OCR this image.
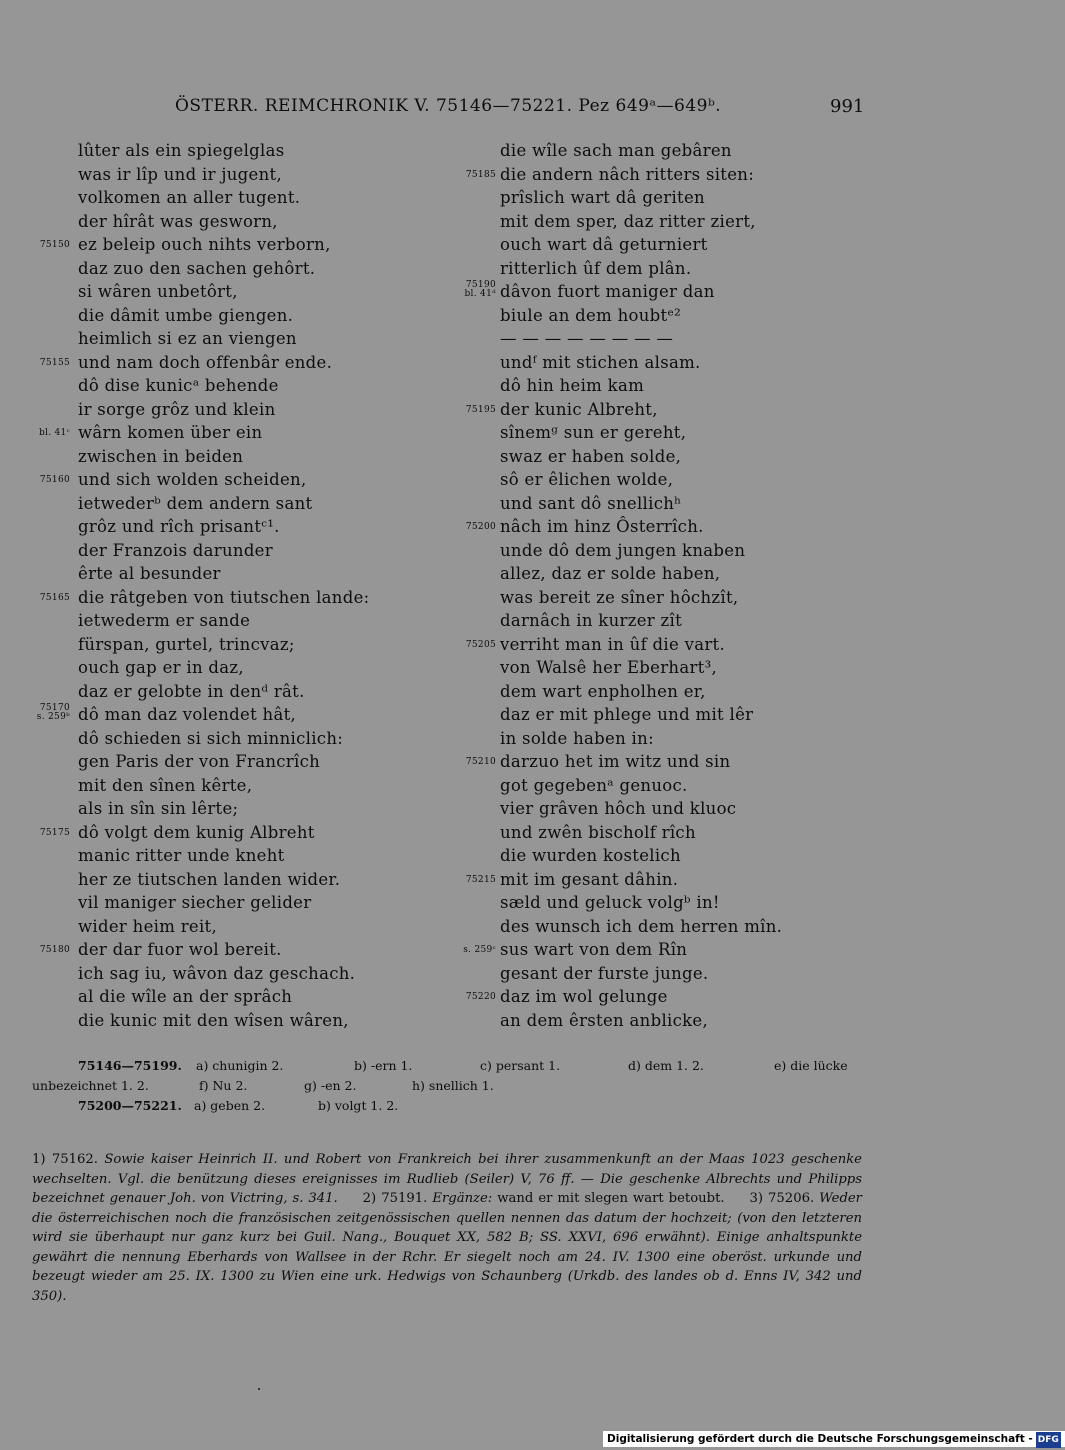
ÖSTERR. REIMCHRONIK V. 75146—75221. Pez 649ᵃ—649ᵇ.	991
lûter als ein spiegelglas
was ir lîp und ir jugent,
volkomen an aller tugent.
der hîrât was gesworn,
75150 ez beleip ouch nihts verborn,
daz zuo den sachen gehôrt.
si wâren unbetôrt,
die dâmit umbe giengen.
heimlich si ez an viengen
75155 und nam doch offenbâr ende.
dô dise kunicᵃ behende
ir sorge grôz und klein
bl. 41ᶜ wârn komen über ein
zwischen in beiden
75160 und sich wolden scheiden,
ietwederᵇ dem andern sant
grôz und rîch prisantᶜ¹.
der Franzois darunder
êrte al besunder
75165 die râtgeben von tiutschen lande:
ietwederm er sande
fürspan, gurtel, trincvaz;
ouch gap er in daz,
daz er gelobte in denᵈ rât.
75170
s. 259ᵇ dô man daz volendet hât,
dô schieden si sich minniclich:
gen Paris der von Francrîch
mit den sînen kêrte,
als in sîn sin lêrte;
75175 dô volgt dem kunig Albreht
manic ritter unde kneht
her ze tiutschen landen wider.
vil maniger siecher gelider
wider heim reit,
75180 der dar fuor wol bereit.
ich sag iu, wâvon daz geschach.
al die wîle an der sprâch
die kunic mit den wîsen wâren,
die wîle sach man gebâren
75185 die andern nâch ritters siten:
prîslich wart dâ geriten
mit dem sper, daz ritter ziert,
ouch wart dâ geturniert
ritterlich ûf dem plân.
75190
bl. 41ᵈ dâvon fuort maniger dan
biule an dem houbtᵉ²
— — — — — — — —
undᶠ mit stichen alsam.
dô hin heim kam
75195 der kunic Albreht,
sînemᵍ sun er gereht,
swaz er haben solde,
sô er êlichen wolde,
und sant dô snellichʰ
75200 nâch im hinz Ôsterrîch.
unde dô dem jungen knaben
allez, daz er solde haben,
was bereit ze sîner hôchzît,
darnâch in kurzer zît
75205 verriht man in ûf die vart.
von Walsê her Eberhart³,
dem wart enpholhen er,
daz er mit phlege und mit lêr
in solde haben in:
75210 darzuo het im witz und sin
got gegebenᵃ genuoc.
vier grâven hôch und kluoc
und zwên bischolf rîch
die wurden kostelich
75215 mit im gesant dâhin.
sæld und geluck volgᵇ in!
des wunsch ich dem herren mîn.
s. 259ᶜ sus wart von dem Rîn
gesant der furste junge.
75220 daz im wol gelunge
an dem êrsten anblicke,
75146—75199. a) chunigin 2.	b) -ern 1.	c) persant 1.	d) dem 1. 2.	e) die lücke
unbezeichnet 1. 2.	f) Nu 2.	g) -en 2.	h) snellich 1.
75200—75221. a) geben 2.	b) volgt 1. 2.
1) 75162. Sowie kaiser Heinrich II. und Robert von Frankreich bei ihrer zusammenkunft an der Maas 1023 geschenke wechselten. Vgl. die benützung dieses ereignisses im Rudlieb (Seiler) V, 76 ff. — Die geschenke Albrechts und Philipps bezeichnet genauer Joh. von Victring, s. 341. 2) 75191. Ergänze: wand er mit slegen wart betoubt. 3) 75206. Weder die österreichischen noch die französischen zeitgenössischen quellen nennen das datum der hochzeit; (von den letzteren wird sie überhaupt nur ganz kurz bei Guil. Nang., Bouquet XX, 582 B; SS. XXVI, 696 erwähnt). Einige anhaltspunkte gewährt die nennung Eberhards von Wallsee in der Rchr. Er siegelt noch am 24. IV. 1300 eine oberöst. urkunde und bezeugt wieder am 25. IX. 1300 zu Wien eine urk. Hedwigs von Schaunberg (Urkdb. des landes ob d. Enns IV, 342 und 350).
Digitalisierung gefördert durch die Deutsche Forschungsgemeinschaft - DFG
